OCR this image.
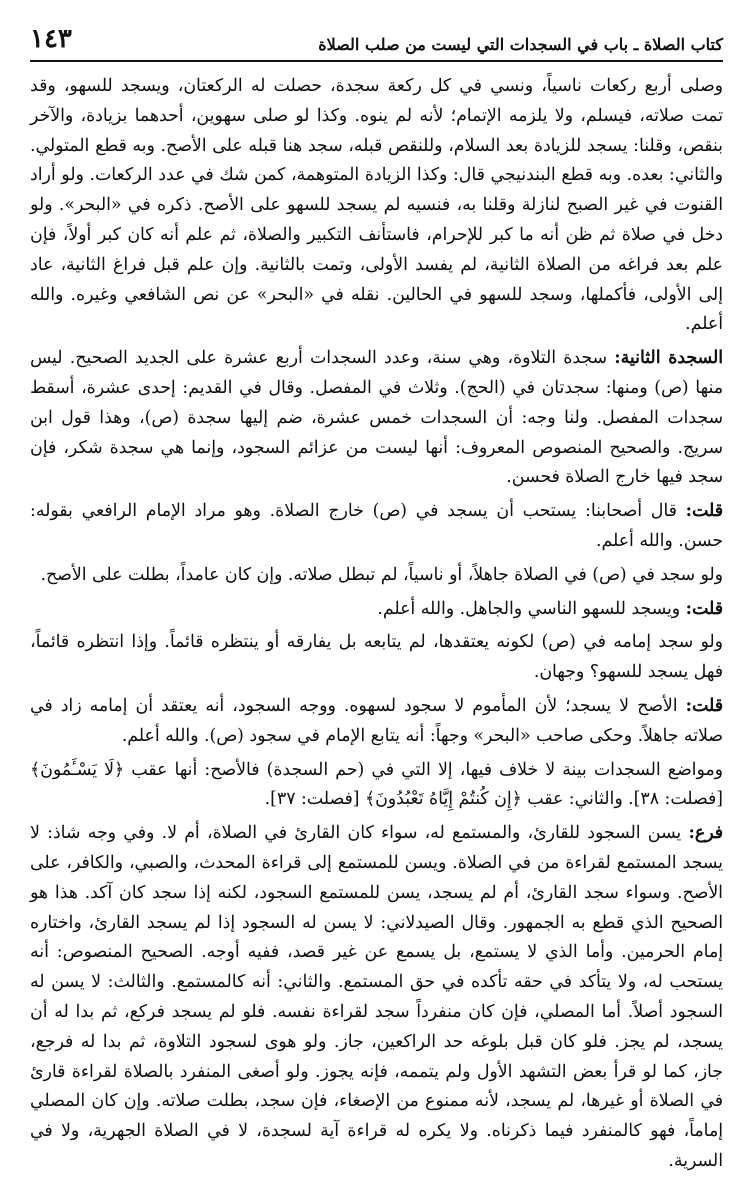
كتاب الصلاة ـ باب في السجدات التي ليست من صلب الصلاة
١٤٣

وصلى أربع ركعات ناسياً، ونسي في كل ركعة سجدة، حصلت له الركعتان، ويسجد للسهو، وقد تمت صلاته، فيسلم، ولا يلزمه الإتمام؛ لأنه لم ينوه. وكذا لو صلى سهوين، أحدهما بزيادة، والآخر بنقص، وقلنا: يسجد للزيادة بعد السلام، وللنقص قبله، سجد هنا قبله على الأصح. وبه قطع المتولي. والثاني: بعده. وبه قطع البندنيجي قال: وكذا الزيادة المتوهمة، كمن شك في عدد الركعات. ولو أراد القنوت في غير الصبح لنازلة وقلنا به، فنسيه لم يسجد للسهو على الأصح. ذكره في «البحر». ولو دخل في صلاة ثم ظن أنه ما كبر للإحرام، فاستأنف التكبير والصلاة، ثم علم أنه كان كبر أولاً، فإن علم بعد فراغه من الصلاة الثانية، لم يفسد الأولى، وتمت بالثانية. وإن علم قبل فراغ الثانية، عاد إلى الأولى، فأكملها، وسجد للسهو في الحالين. نقله في «البحر» عن نص الشافعي وغيره. والله أعلم.

السجدة الثانية: سجدة التلاوة، وهي سنة، وعدد السجدات أربع عشرة على الجديد الصحيح. ليس منها (ص) ومنها: سجدتان في (الحج). وثلاث في المفصل. وقال في القديم: إحدى عشرة، أسقط سجدات المفصل. ولنا وجه: أن السجدات خمس عشرة، ضم إليها سجدة (ص)، وهذا قول ابن سريج. والصحيح المنصوص المعروف: أنها ليست من عزائم السجود، وإنما هي سجدة شكر، فإن سجد فيها خارج الصلاة فحسن.

قلت: قال أصحابنا: يستحب أن يسجد في (ص) خارج الصلاة. وهو مراد الإمام الرافعي بقوله: حسن. والله أعلم.

ولو سجد في (ص) في الصلاة جاهلاً، أو ناسياً، لم تبطل صلاته. وإن كان عامداً، بطلت على الأصح.

قلت: ويسجد للسهو الناسي والجاهل. والله أعلم.

ولو سجد إمامه في (ص) لكونه يعتقدها، لم يتابعه بل يفارقه أو ينتظره قائماً. وإذا انتظره قائماً، فهل يسجد للسهو؟ وجهان.

قلت: الأصح لا يسجد؛ لأن المأموم لا سجود لسهوه. ووجه السجود، أنه يعتقد أن إمامه زاد في صلاته جاهلاً. وحكى صاحب «البحر» وجهاً: أنه يتابع الإمام في سجود (ص). والله أعلم.

ومواضع السجدات بينة لا خلاف فيها، إلا التي في (حم السجدة) فالأصح: أنها عقب ﴿لَا يَسْـَٔمُونَ﴾ [فصلت: ٣٨]. والثاني: عقب ﴿إِن كُنتُمْ إِيَّاهُ تَعْبُدُونَ﴾ [فصلت: ٣٧].

فرع: يسن السجود للقارئ، والمستمع له، سواء كان القارئ في الصلاة، أم لا. وفي وجه شاذ: لا يسجد المستمع لقراءة من في الصلاة. ويسن للمستمع إلى قراءة المحدث، والصبي، والكافر، على الأصح. وسواء سجد القارئ، أم لم يسجد، يسن للمستمع السجود، لكنه إذا سجد كان آكد. هذا هو الصحيح الذي قطع به الجمهور. وقال الصيدلاني: لا يسن له السجود إذا لم يسجد القارئ، واختاره إمام الحرمين. وأما الذي لا يستمع، بل يسمع عن غير قصد، ففيه أوجه. الصحيح المنصوص: أنه يستحب له، ولا يتأكد في حقه تأكده في حق المستمع. والثاني: أنه كالمستمع. والثالث: لا يسن له السجود أصلاً. أما المصلي، فإن كان منفرداً سجد لقراءة نفسه. فلو لم يسجد فركع، ثم بدا له أن يسجد، لم يجز. فلو كان قبل بلوغه حد الراكعين، جاز. ولو هوى لسجود التلاوة، ثم بدا له فرجع، جاز، كما لو قرأ بعض التشهد الأول ولم يتممه، فإنه يجوز. ولو أصغى المنفرد بالصلاة لقراءة قارئ في الصلاة أو غيرها، لم يسجد، لأنه ممنوع من الإصغاء، فإن سجد، بطلت صلاته. وإن كان المصلي إماماً، فهو كالمنفرد فيما ذكرناه. ولا يكره له قراءة آية لسجدة، لا في الصلاة الجهرية، ولا في السرية.
